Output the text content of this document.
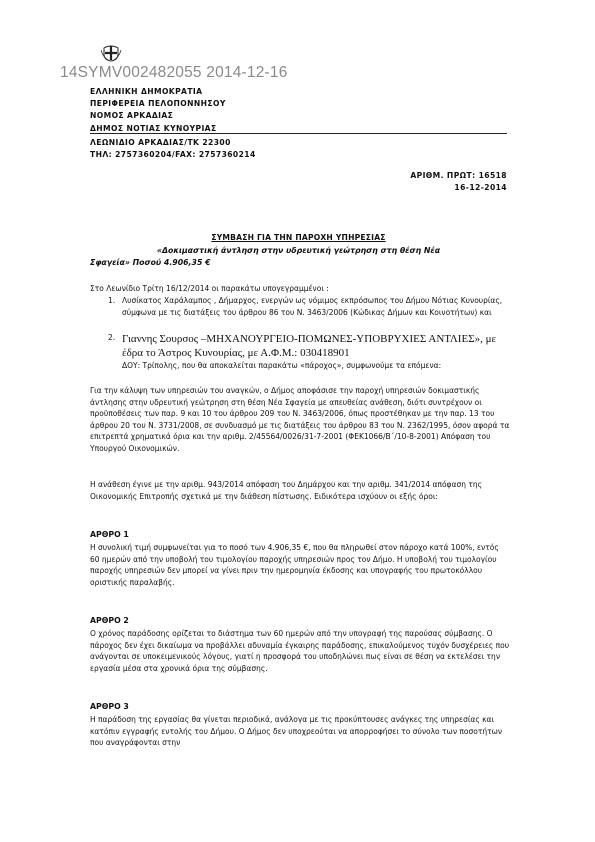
14SYMV002482055 2014-12-16
ΕΛΛΗΝΙΚΗ ΔΗΜΟΚΡΑΤΙΑ
ΠΕΡΙΦΕΡΕΙΑ ΠΕΛΟΠΟΝΝΗΣΟΥ
ΝΟΜΟΣ ΑΡΚΑΔΙΑΣ
ΔΗΜΟΣ ΝΟΤΙΑΣ ΚΥΝΟΥΡΙΑΣ
ΛΕΩΝΙΔΙΟ ΑΡΚΑΔΙΑΣ/ΤΚ 22300
ΤΗΛ: 2757360204/FAX: 2757360214
ΑΡΙΘΜ. ΠΡΩΤ: 16518
16-12-2014
ΣΥΜΒΑΣΗ ΓΙΑ ΤΗΝ ΠΑΡΟΧΗ ΥΠΗΡΕΣΙΑΣ
«Δοκιμαστική άντληση στην υδρευτική γεώτρηση στη θέση Νέα
Σφαγεία» Ποσού 4.906,35 €
Στο Λεωνίδιο Τρίτη 16/12/2014 οι παρακάτω υπογεγραμμένοι :
1. Λυσίκατος Χαράλαμπος , Δήμαρχος, ενεργών ως νόμιμος εκπρόσωπος του Δήμου Νότιας Κυνουρίας, σύμφωνα με τις διατάξεις του άρθρου 86 του Ν. 3463/2006 (Κώδικας Δήμων και Κοινοτήτων) και
2. Γιαννης Σουρσος –ΜΗΧΑΝΟΥΡΓΕΙΟ-ΠΟΜΩΝΕΣ-ΥΠΟΒΡΥΧΙΕΣ ΑΝΤΛΙΕΣ», με έδρα το Άστρος Κυνουρίας, με Α.Φ.Μ.: 030418901
ΔΟΥ: Τρίπολης, που θα αποκαλείται παρακάτω «πάροχος», συμφωνούμε τα επόμενα:
Για την κάλυψη των υπηρεσιών του αναγκών, ο Δήμος αποφάσισε την παροχή υπηρεσιών δοκιμαστικής άντλησης στην υδρευτική γεώτρηση στη θέση Νέα Σφαγεία με απευθείας ανάθεση, διότι συντρέχουν οι προϋποθέσεις των παρ. 9 και 10 του άρθρου 209 του Ν. 3463/2006, όπως προστέθηκαν με την παρ. 13 του άρθρου 20 του Ν. 3731/2008, σε συνδυασμό με τις διατάξεις του άρθρου 83 του Ν. 2362/1995, όσον αφορά τα επιτρεπτά χρηματικά όρια και την αριθμ. 2/45564/0026/31-7-2001 (ΦΕΚ1066/Β΄/10-8-2001) Απόφαση του Υπουργού Οικονομικών.
Η ανάθεση έγινε με την αριθμ. 943/2014 απόφαση του Δημάρχου και την αριθμ. 341/2014 απόφαση της Οικονομικής Επιτροπής σχετικά με την διάθεση πίστωσης. Ειδικότερα ισχύουν οι εξής όροι:
ΑΡΘΡΟ 1
Η συνολική τιμή συμφωνείται για το ποσό των 4.906,35 €, που θα πληρωθεί στον πάροχο κατά 100%, εντός 60 ημερών από την υποβολή του τιμολογίου παροχής υπηρεσιών προς τον Δήμο. Η υποβολή του τιμολογίου παροχής υπηρεσιών δεν μπορεί να γίνει πριν την ημερομηνία έκδοσης και υπογραφής του πρωτοκόλλου οριστικής παραλαβής.
ΑΡΘΡΟ 2
Ο χρόνος παράδοσης ορίζεται το διάστημα των 60 ημερών από την υπογραφή της παρούσας σύμβασης. Ο πάροχος δεν έχει δικαίωμα να προβάλλει αδυναμία έγκαιρης παράδοσης, επικαλούμενος τυχόν δυσχέρειες που ανάγονται σε υποκειμενικούς λόγους, γιατί η προσφορά του υποδηλώνει πως είναι σε θέση να εκτελέσει την εργασία μέσα στα χρονικά όρια της σύμβασης.
ΑΡΘΡΟ 3
Η παράδοση της εργασίας θα γίνεται περιοδικά, ανάλογα με τις προκύπτουσες ανάγκες της υπηρεσίας και κατόπιν εγγραφής εντολής του Δήμου. Ο Δήμος δεν υποχρεούται να απορροφήσει το σύνολο των ποσοτήτων που αναγράφονται στην
